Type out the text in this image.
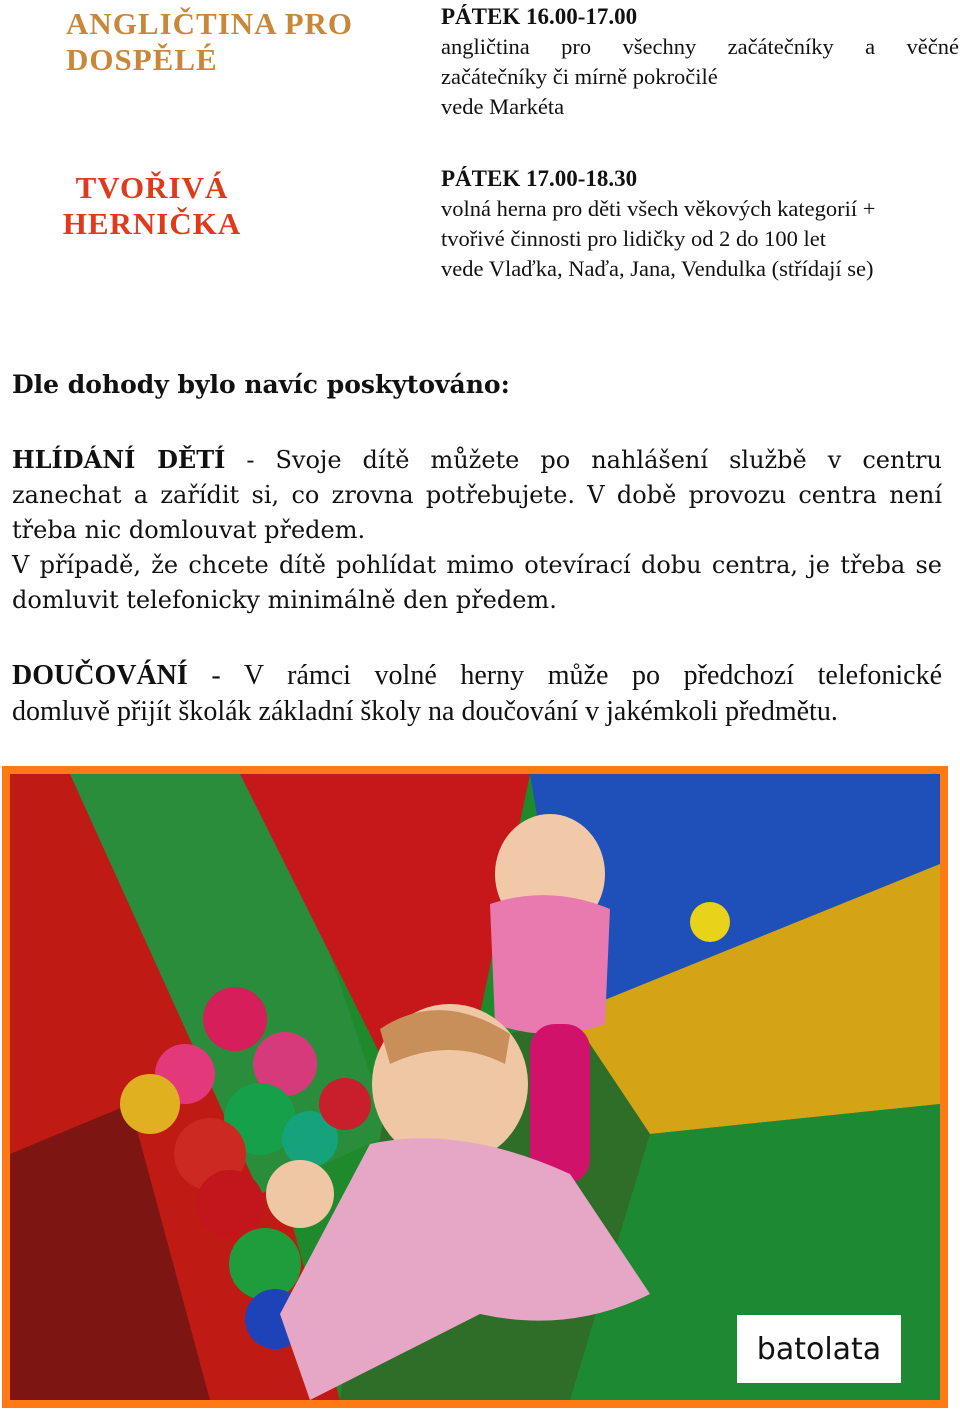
ANGLIČTINA PRO
DOSPĚLÉ
PÁTEK 16.00-17.00
angličtina pro všechny začátečníky a věčné
začátečníky či mírně pokročilé
vede Markéta
TVOŘIVÁ
HERNIČKA
PÁTEK 17.00-18.30
volná herna pro děti všech věkových kategorií +
tvořivé činnosti pro lidičky od 2 do 100 let
vede Vlaďka, Naďa, Jana, Vendulka (střídají se)
Dle dohody bylo navíc poskytováno:
HLÍDÁNÍ DĚTÍ - Svoje dítě můžete po nahlášení službě v centru
zanechat a zařídit si, co zrovna potřebujete. V době provozu centra není
třeba nic domlouvat předem.
V případě, že chcete dítě pohlídat mimo otevírací dobu centra, je třeba se
domluvit telefonicky minimálně den předem.
DOUČOVÁNÍ - V rámci volné herny může po předchozí telefonické
domluvě přijít školák základní školy na doučování v jakémkoli předmětu.
batolata
